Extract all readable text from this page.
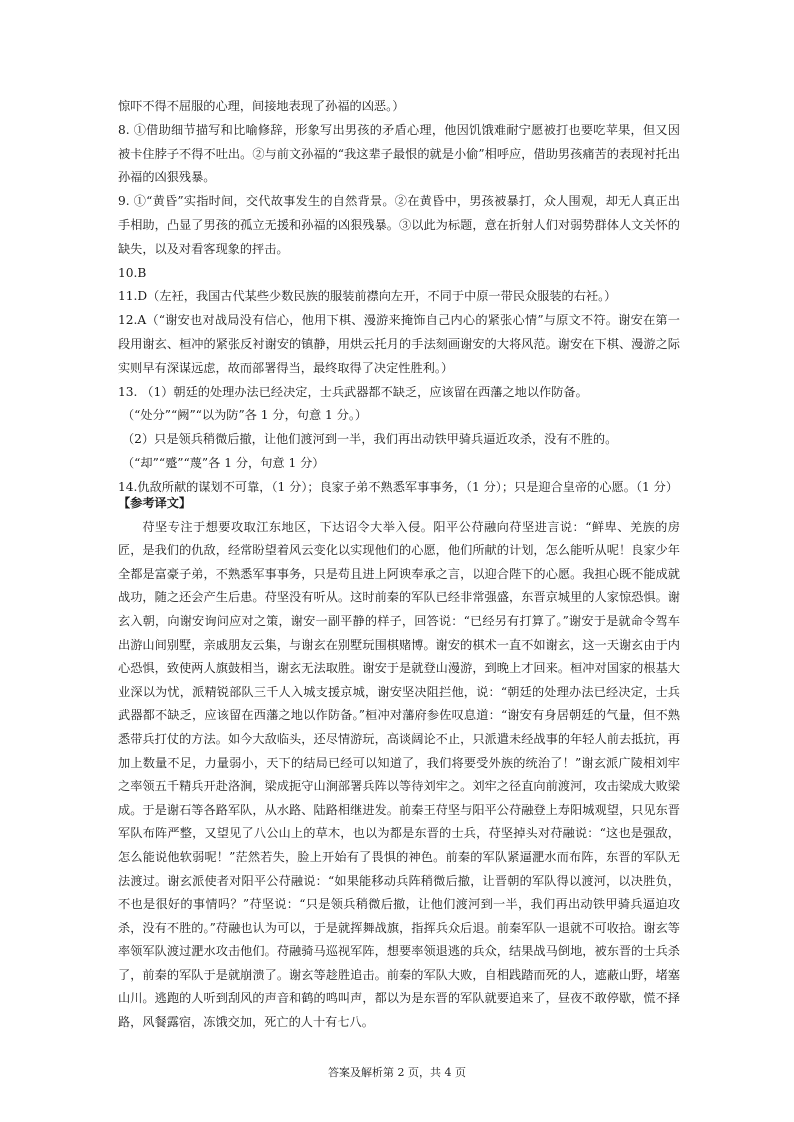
惊吓不得不屈服的心理，间接地表现了孙福的凶恶。）

8. ①借助细节描写和比喻修辞，形象写出男孩的矛盾心理，他因饥饿难耐宁愿被打也要吃苹果，但又因被卡住脖子不得不吐出。②与前文孙福的“我这辈子最恨的就是小偷”相呼应，借助男孩痛苦的表现衬托出孙福的凶狠残暴。

9. ①“黄昏”实指时间，交代故事发生的自然背景。②在黄昏中，男孩被暴打，众人围观，却无人真正出手相助，凸显了男孩的孤立无援和孙福的凶狠残暴。③以此为标题，意在折射人们对弱势群体人文关怀的缺失，以及对看客现象的抨击。

10.B

11.D（左衽，我国古代某些少数民族的服装前襟向左开，不同于中原一带民众服装的右衽。）

12.A（“谢安也对战局没有信心，他用下棋、漫游来掩饰自己内心的紧张心情”与原文不符。谢安在第一段用谢玄、桓冲的紧张反衬谢安的镇静，用烘云托月的手法刻画谢安的大将风范。谢安在下棋、漫游之际实则早有深谋远虑，故而部署得当，最终取得了决定性胜利。）

13. （1）朝廷的处理办法已经决定，士兵武器都不缺乏，应该留在西藩之地以作防备。

（“处分”“阙”“以为防”各 1 分，句意 1 分。）

（2）只是领兵稍微后撤，让他们渡河到一半，我们再出动铁甲骑兵逼近攻杀，没有不胜的。

（“却”“蹙”“蔑”各 1 分，句意 1 分）

14.仇敌所献的谋划不可靠，（1 分）；良家子弟不熟悉军事事务，（1 分）；只是迎合皇帝的心愿。（1 分）

【参考译文】

苻坚专注于想要攻取江东地区，下达诏令大举入侵。阳平公苻融向苻坚进言说：“鲜卑、羌族的房匠，是我们的仇敌，经常盼望着风云变化以实现他们的心愿，他们所献的计划，怎么能听从呢！良家少年全都是富豪子弟，不熟悉军事事务，只是苟且进上阿谀奉承之言，以迎合陛下的心愿。我担心既不能成就战功，随之还会产生后患。苻坚没有听从。这时前秦的军队已经非常强盛，东晋京城里的人家惊恐惧。谢玄入朝，向谢安询问应对之策，谢安一副平静的样子，回答说：“已经另有打算了。”谢安于是就命令驾车出游山间别墅，亲戚朋友云集，与谢玄在别墅玩围棋赌博。谢安的棋术一直不如谢玄，这一天谢玄由于内心恐惧，致使两人旗鼓相当，谢玄无法取胜。谢安于是就登山漫游，到晚上才回来。桓冲对国家的根基大业深以为忧，派精锐部队三千人入城支援京城，谢安坚决阻拦他，说：“朝廷的处理办法已经决定，士兵武器都不缺乏，应该留在西藩之地以作防备。”桓冲对藩府参佐叹息道：“谢安有身居朝廷的气量，但不熟悉带兵打仗的方法。如今大敌临头，还尽情游玩，高谈阔论不止，只派遣未经战事的年轻人前去抵抗，再加上数量不足，力量弱小，天下的结局已经可以知道了，我们将要受外族的统治了！”谢玄派广陵相刘牢之率领五千精兵开赴洛涧，梁成扼守山涧部署兵阵以等待刘牢之。刘牢之径直向前渡河，攻击梁成大败梁成。于是谢石等各路军队，从水路、陆路相继进发。前秦王苻坚与阳平公苻融登上寿阳城观望，只见东晋军队布阵严整，又望见了八公山上的草木，也以为都是东晋的士兵，苻坚掉头对苻融说：“这也是强敌，怎么能说他软弱呢！”茫然若失，脸上开始有了畏惧的神色。前秦的军队紧逼淝水而布阵，东晋的军队无法渡过。谢玄派使者对阳平公苻融说：“如果能移动兵阵稍微后撤，让晋朝的军队得以渡河，以决胜负，不也是很好的事情吗？”苻坚说：“只是领兵稍微后撤，让他们渡河到一半，我们再出动铁甲骑兵逼迫攻杀，没有不胜的。”苻融也认为可以，于是就挥舞战旗，指挥兵众后退。前秦军队一退就不可收拾。谢玄等率领军队渡过淝水攻击他们。苻融骑马巡视军阵，想要率领退逃的兵众，结果战马倒地，被东晋的士兵杀了，前秦的军队于是就崩溃了。谢玄等趁胜追击。前秦的军队大败，自相践踏而死的人，遮蔽山野，堵塞山川。逃跑的人听到刮风的声音和鹤的鸣叫声，都以为是东晋的军队就要追来了，昼夜不敢停歇，慌不择路，风餐露宿，冻饿交加，死亡的人十有七八。

答案及解析第 2 页，共 4 页
